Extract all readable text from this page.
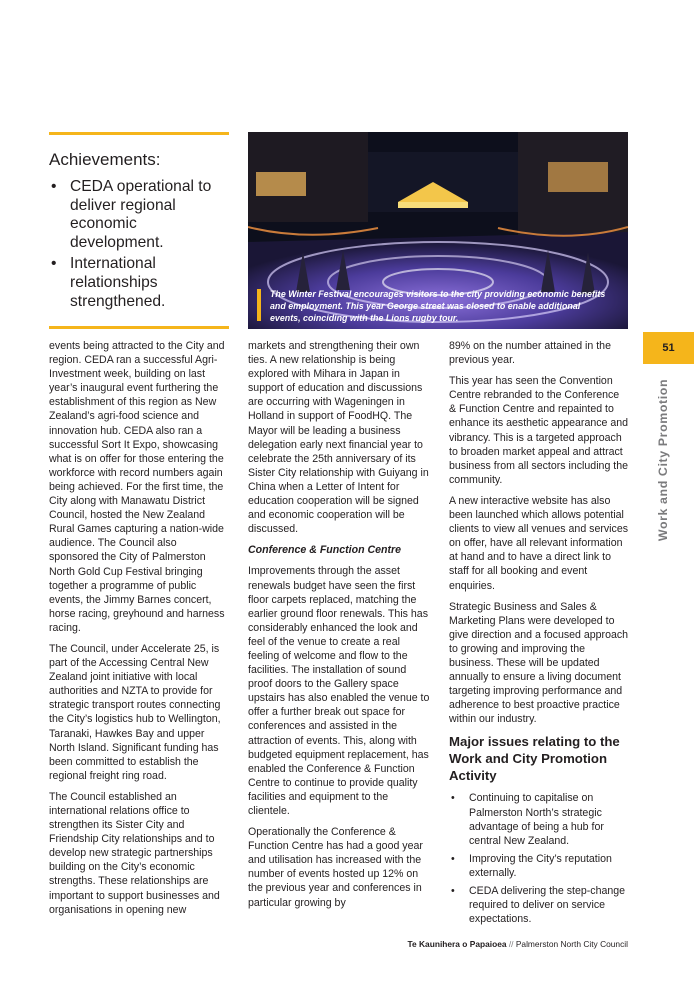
Achievements:
• CEDA operational to deliver regional economic development.
• International relationships strengthened.	The Winter Festival encourages visitors to the city providing economic benefits and employment. This year George street was closed to enable additional events, coinciding with the Lions rugby tour.

events being attracted to the City and region. CEDA ran a successful Agri-Investment week, building on last year’s inaugural event furthering the establishment of this region as New Zealand’s agri-food science and innovation hub. CEDA also ran a successful Sort It Expo, showcasing what is on offer for those entering the workforce with record numbers again being achieved. For the first time, the City along with Manawatu District Council, hosted the New Zealand Rural Games capturing a nation-wide audience. The Council also sponsored the City of Palmerston North Gold Cup Festival bringing together a programme of public events, the Jimmy Barnes concert, horse racing, greyhound and harness racing.

The Council, under Accelerate 25, is part of the Accessing Central New Zealand joint initiative with local authorities and NZTA to provide for strategic transport routes connecting the City’s logistics hub to Wellington, Taranaki, Hawkes Bay and upper North Island. Significant funding has been committed to establish the regional freight ring road.

The Council established an international relations office to strengthen its Sister City and Friendship City relationships and to develop new strategic partnerships building on the City’s economic strengths. These relationships are important to support businesses and organisations in opening new

markets and strengthening their own ties. A new relationship is being explored with Mihara in Japan in support of education and discussions are occurring with Wageningen in Holland in support of FoodHQ. The Mayor will be leading a business delegation early next financial year to celebrate the 25th anniversary of its Sister City relationship with Guiyang in China when a Letter of Intent for education cooperation will be signed and economic cooperation will be discussed.

Conference & Function Centre

Improvements through the asset renewals budget have seen the first floor carpets replaced, matching the earlier ground floor renewals. This has considerably enhanced the look and feel of the venue to create a real feeling of welcome and flow to the facilities. The installation of sound proof doors to the Gallery space upstairs has also enabled the venue to offer a further break out space for conferences and assisted in the attraction of events. This, along with budgeted equipment replacement, has enabled the Conference & Function Centre to continue to provide quality facilities and equipment to the clientele.

Operationally the Conference & Function Centre has had a good year and utilisation has increased with the number of events hosted up 12% on the previous year and conferences in particular growing by

89% on the number attained in the previous year.

This year has seen the Convention Centre rebranded to the Conference & Function Centre and repainted to enhance its aesthetic appearance and vibrancy. This is a targeted approach to broaden market appeal and attract business from all sectors including the community.

A new interactive website has also been launched which allows potential clients to view all venues and services on offer, have all relevant information at hand and to have a direct link to staff for all booking and event enquiries.

Strategic Business and Sales & Marketing Plans were developed to give direction and a focused approach to growing and improving the business. These will be updated annually to ensure a living document targeting improving performance and adherence to best proactive practice within our industry.

Major issues relating to the Work and City Promotion Activity

• Continuing to capitalise on Palmerston North’s strategic advantage of being a hub for central New Zealand.
• Improving the City’s reputation externally.
• CEDA delivering the step-change required to deliver on service expectations.
51
Work and City Promotion
Te Kaunihera o Papaioea // Palmerston North City Council
